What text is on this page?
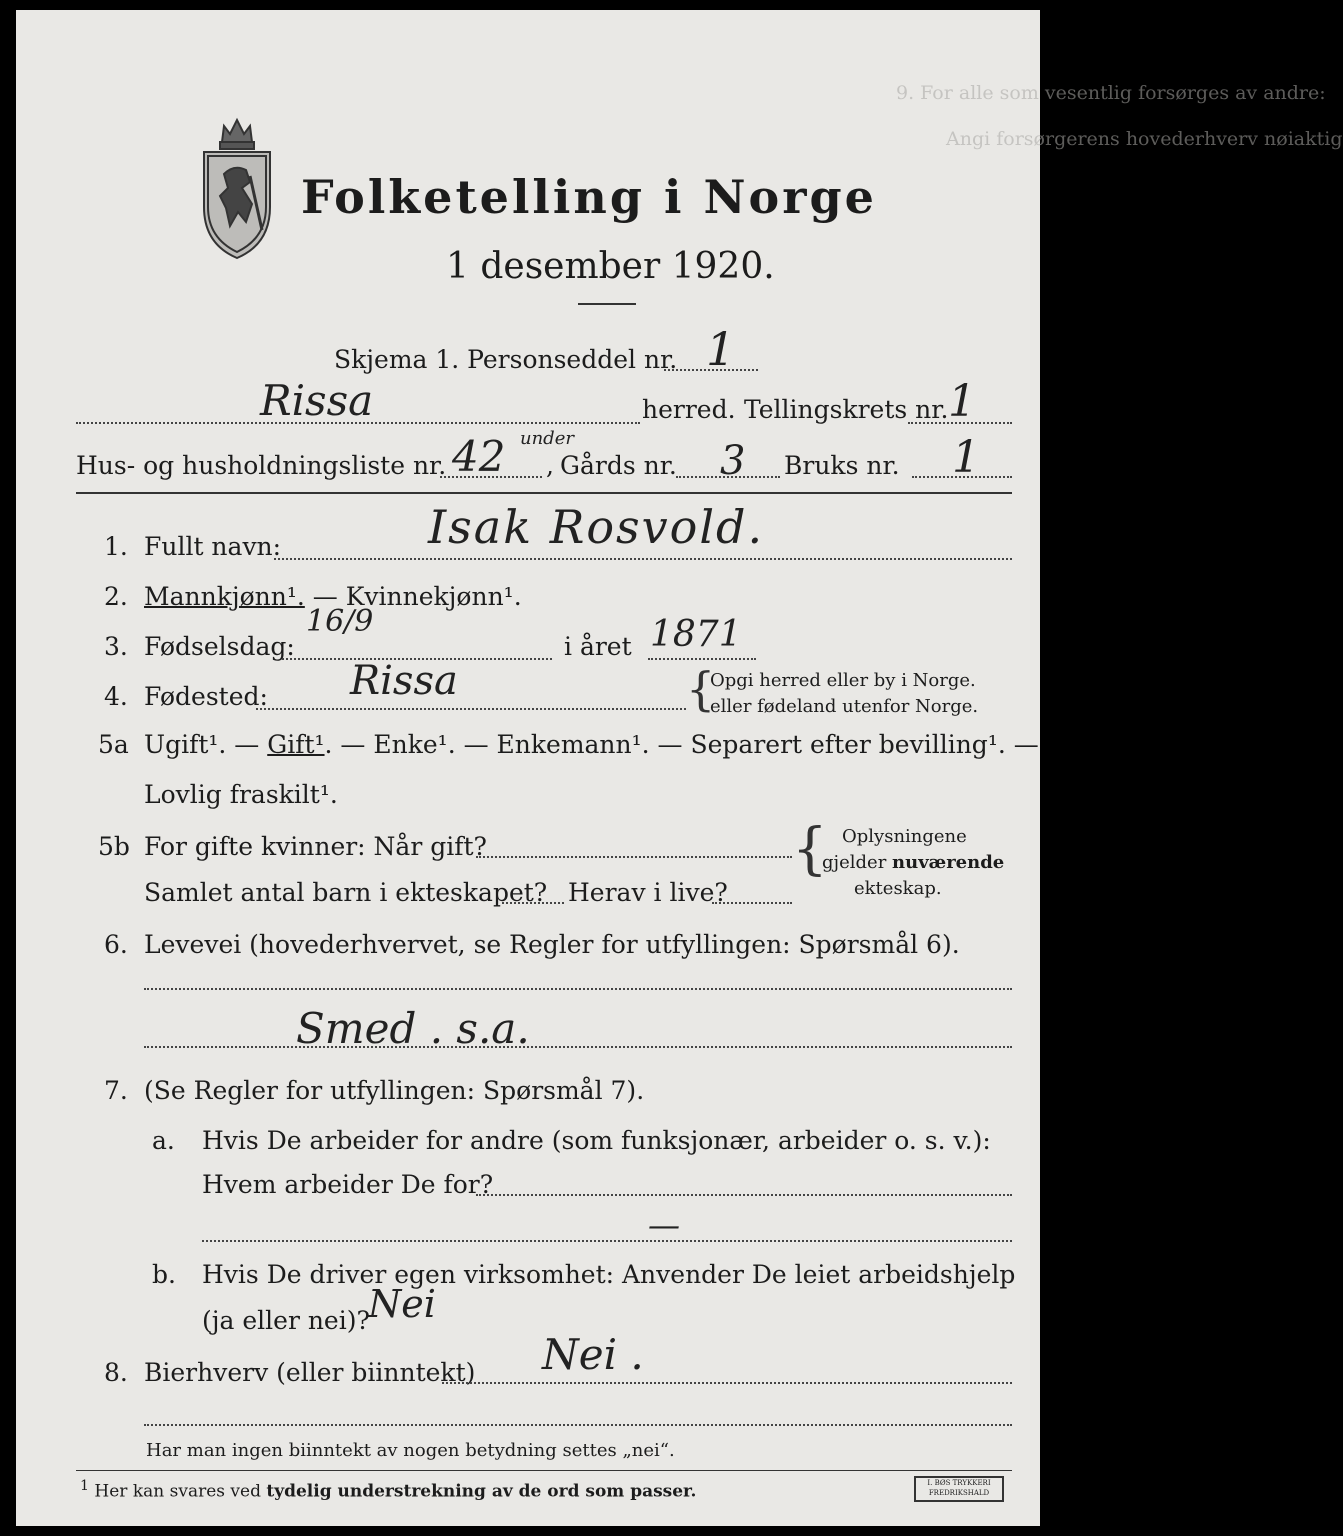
9. For alle som vesentlig forsørges av andre:
Angi forsørgerens hovederhverv nøiaktig
Folketelling i Norge
1 desember 1920.
Skjema 1. Personseddel nr. 1
Rissa	herred. Tellingskrets nr. 1
Hus- og husholdningsliste nr. 42 under
, Gårds nr. 3 Bruks nr. 1
1. Fullt navn:	Isak Rosvold.
2. Mannkjønn¹. — Kvinnekjønn¹.
3. Fødselsdag:
16/9
i året 1871
4. Fødested: Rissa	{
Opgi herred eller by i Norge.
eller fødeland utenfor Norge.
5a Ugift¹. — Gift¹. — Enke¹. — Enkemann¹. — Separert efter bevilling¹. —
Lovlig fraskilt¹.
5b For gifte kvinner: Når gift?
Samlet antal barn i ekteskapet? Herav i live?
{ Oplysningene
gjelder nuværende
ekteskap.
6. Levevei (hovederhvervet, se Regler for utfyllingen: Spørsmål 6).
Smed . s.a.
7. (Se Regler for utfyllingen: Spørsmål 7).
a. Hvis De arbeider for andre (som funksjonær, arbeider o. s. v.):
Hvem arbeider De for?
—
b. Hvis De driver egen virksomhet: Anvender De leiet arbeidshjelp
(ja eller nei)?
Nei
8. Bierhverv (eller biinntekt) Nei .
Har man ingen biinntekt av nogen betydning settes „nei“.
$^1$ Her kan svares ved tydelig understrekning av de ord som passer.	I. BØS TRYKKERI FREDRIKSHALD
